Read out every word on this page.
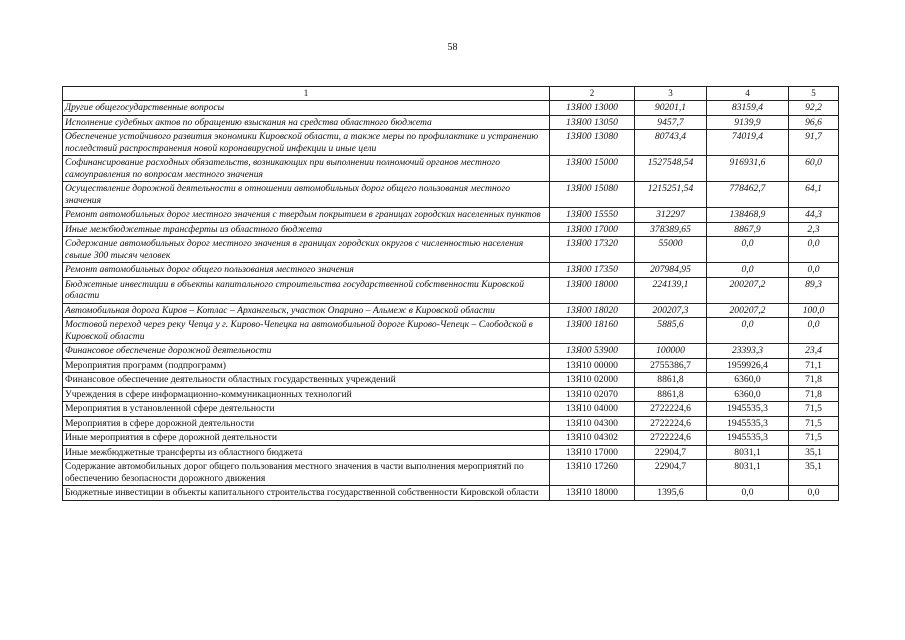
58
1	2	3	4	5
Другие общегосударственные вопросы	13Я00 13000	90201,1	83159,4	92,2
Исполнение судебных актов по обращению взыскания на средства областного бюджета	13Я00 13050	9457,7	9139,9	96,6
Обеспечение устойчивого развития экономики Кировской области, а также меры по профилактике и устранению последствий распространения новой коронавирусной инфекции и иные цели	13Я00 13080	80743,4	74019,4	91,7
Софинансирование расходных обязательств, возникающих при выполнении полномочий органов местного самоуправления по вопросам местного значения	13Я00 15000	1527548,54	916931,6	60,0
Осуществление дорожной деятельности в отношении автомобильных дорог общего пользования местного значения	13Я00 15080	1215251,54	778462,7	64,1
Ремонт автомобильных дорог местного значения с твердым покрытием в границах городских населенных пунктов	13Я00 15550	312297	138468,9	44,3
Иные межбюджетные трансферты из областного бюджета	13Я00 17000	378389,65	8867,9	2,3
Содержание автомобильных дорог местного значения в границах городских округов с численностью населения свыше 300 тысяч человек	13Я00 17320	55000	0,0	0,0
Ремонт автомобильных дорог общего пользования местного значения	13Я00 17350	207984,95	0,0	0,0
Бюджетные инвестиции в объекты капитального строительства государственной собственности Кировской области	13Я00 18000	224139,1	200207,2	89,3
Автомобильная дорога Киров – Котлас – Архангельск, участок Опарино – Альмеж в Кировской области	13Я00 18020	200207,3	200207,2	100,0
Мостовой переход через реку Чепца у г. Кирово-Чепецка на автомобильной дороге Кирово-Чепецк – Слободской в Кировской области	13Я00 18160	5885,6	0,0	0,0
Финансовое обеспечение дорожной деятельности	13Я00 53900	100000	23393,3	23,4
Мероприятия программ (подпрограмм)	13Я10 00000	2755386,7	1959926,4	71,1
Финансовое обеспечение деятельности областных государственных учреждений	13Я10 02000	8861,8	6360,0	71,8
Учреждения в сфере информационно-коммуникационных технологий	13Я10 02070	8861,8	6360,0	71,8
Мероприятия в установленной сфере деятельности	13Я10 04000	2722224,6	1945535,3	71,5
Мероприятия в сфере дорожной деятельности	13Я10 04300	2722224,6	1945535,3	71,5
Иные мероприятия в сфере дорожной деятельности	13Я10 04302	2722224,6	1945535,3	71,5
Иные межбюджетные трансферты из областного бюджета	13Я10 17000	22904,7	8031,1	35,1
Содержание автомобильных дорог общего пользования местного значения в части выполнения мероприятий по обеспечению безопасности дорожного движения	13Я10 17260	22904,7	8031,1	35,1
Бюджетные инвестиции в объекты капитального строительства государственной собственности Кировской области	13Я10 18000	1395,6	0,0	0,0
